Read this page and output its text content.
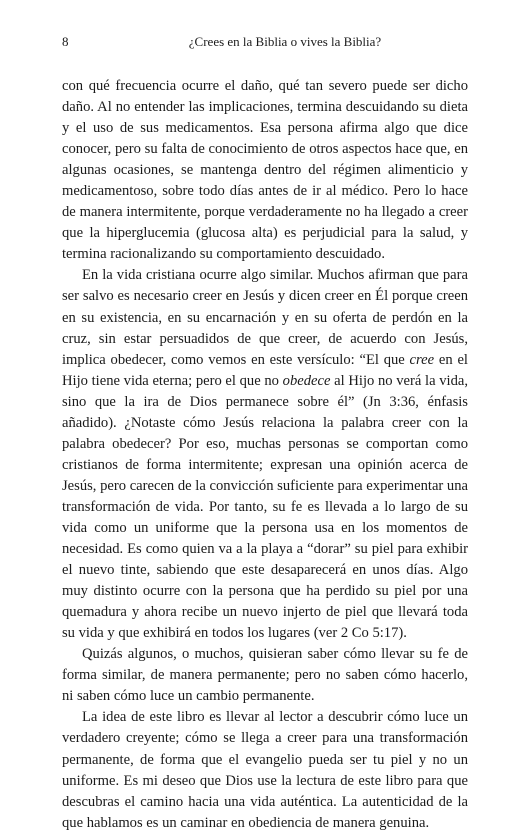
8	¿Crees en la Biblia o vives la Biblia?

con qué frecuencia ocurre el daño, qué tan severo puede ser dicho daño. Al no entender las implicaciones, termina descuidando su dieta y el uso de sus medicamentos. Esa persona afirma algo que dice conocer, pero su falta de conocimiento de otros aspectos hace que, en algunas ocasiones, se mantenga dentro del régimen alimenticio y medicamentoso, sobre todo días antes de ir al médico. Pero lo hace de manera intermitente, porque verdaderamente no ha llegado a creer que la hiperglucemia (glucosa alta) es perjudicial para la salud, y termina racionalizando su comportamiento descuidado.

En la vida cristiana ocurre algo similar. Muchos afirman que para ser salvo es necesario creer en Jesús y dicen creer en Él porque creen en su existencia, en su encarnación y en su oferta de perdón en la cruz, sin estar persuadidos de que creer, de acuerdo con Jesús, implica obedecer, como vemos en este versículo: “El que cree en el Hijo tiene vida eterna; pero el que no obedece al Hijo no verá la vida, sino que la ira de Dios permanece sobre él” (Jn 3:36, énfasis añadido). ¿Notaste cómo Jesús relaciona la palabra creer con la palabra obedecer? Por eso, muchas personas se comportan como cristianos de forma intermitente; expresan una opinión acerca de Jesús, pero carecen de la convicción suficiente para experimentar una transformación de vida. Por tanto, su fe es llevada a lo largo de su vida como un uniforme que la persona usa en los momentos de necesidad. Es como quien va a la playa a “dorar” su piel para exhibir el nuevo tinte, sabiendo que este desaparecerá en unos días. Algo muy distinto ocurre con la persona que ha perdido su piel por una quemadura y ahora recibe un nuevo injerto de piel que llevará toda su vida y que exhibirá en todos los lugares (ver 2 Co 5:17).

Quizás algunos, o muchos, quisieran saber cómo llevar su fe de forma similar, de manera permanente; pero no saben cómo hacerlo, ni saben cómo luce un cambio permanente.

La idea de este libro es llevar al lector a descubrir cómo luce un verdadero creyente; cómo se llega a creer para una transformación permanente, de forma que el evangelio pueda ser tu piel y no un uniforme. Es mi deseo que Dios use la lectura de este libro para que descubras el camino hacia una vida auténtica. La autenticidad de la que hablamos es un caminar en obediencia de manera genuina.
